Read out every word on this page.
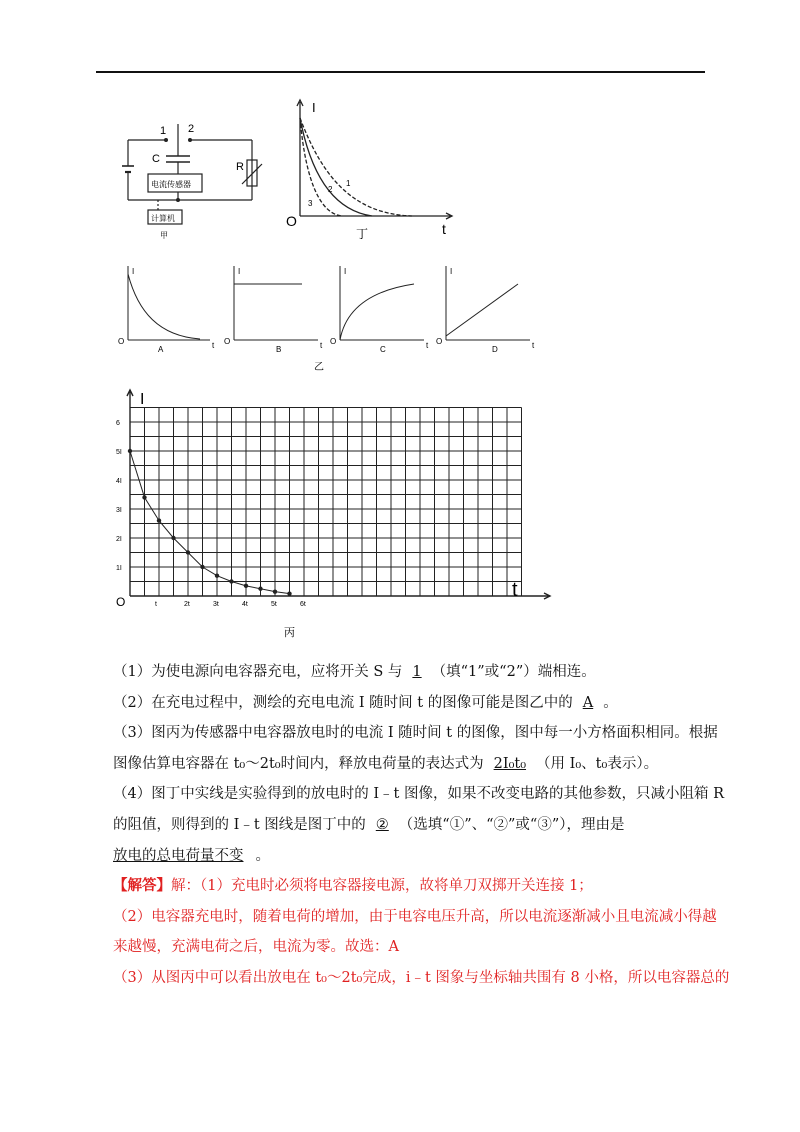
1 2
C
R
电流传感器
计算机
甲
I
t
O
1
2
3
丁
I
t
O
A
I
t
O
B
I
t
O
C
I
t
O
D
乙
6
5I
4I
3I
2I
1I
t	2t	3t	4t	5t	6t
I
t
O
丙
（1）为使电源向电容器充电，应将开关 S 与 1 （填“1”或“2”）端相连。
（2）在充电过程中，测绘的充电电流 I 随时间 t 的图像可能是图乙中的 A 。
（3）图丙为传感器中电容器放电时的电流 I 随时间 t 的图像，图中每一小方格面积相同。根据
图像估算电容器在 t₀～2t₀时间内，释放电荷量的表达式为 2I₀t₀ （用 I₀、t₀表示）。
（4）图丁中实线是实验得到的放电时的 I﹣t 图像，如果不改变电路的其他参数，只减小阻箱 R
的阻值，则得到的 I﹣t 图线是图丁中的 ② （选填“①”、“②”或“③”），理由是
放电的总电荷量不变 。
【解答】解：（1）充电时必须将电容器接电源，故将单刀双掷开关连接 1；
（2）电容器充电时，随着电荷的增加，由于电容电压升高，所以电流逐渐减小且电流减小得越
来越慢，充满电荷之后，电流为零。故选：A
（3）从图丙中可以看出放电在 t₀～2t₀完成，i﹣t 图象与坐标轴共围有 8 小格，所以电容器总的
